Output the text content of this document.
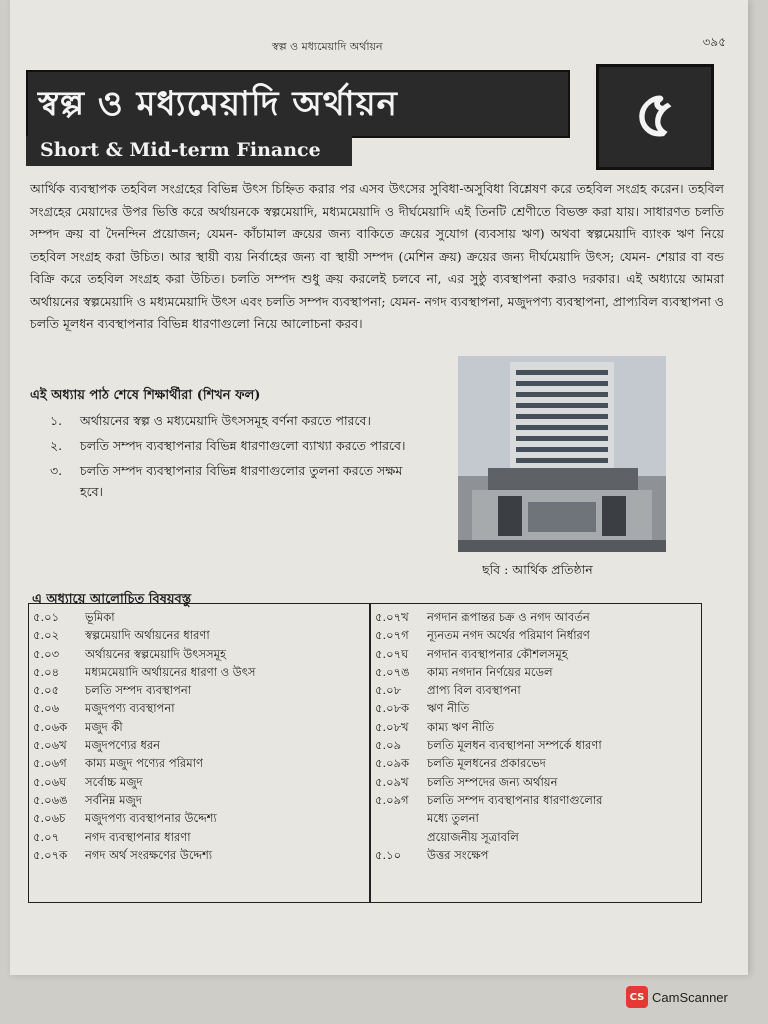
স্বল্প ও মধ্যমেয়াদি অর্থায়ন	৩৯৫
স্বল্প ও মধ্যমেয়াদি অর্থায়ন
Short & Mid-term Finance	৫
আর্থিক ব্যবস্থাপক তহবিল সংগ্রহের বিভিন্ন উৎস চিহ্নিত করার পর এসব উৎসের সুবিধা-অসুবিধা বিশ্লেষণ করে তহবিল সংগ্রহ করেন। তহবিল সংগ্রহের মেয়াদের উপর ভিত্তি করে অর্থায়নকে স্বল্পমেয়াদি, মধ্যমমেয়াদি ও দীর্ঘমেয়াদি এই তিনটি শ্রেণীতে বিভক্ত করা যায়। সাধারণত চলতি সম্পদ ক্রয় বা দৈনন্দিন প্রয়োজন; যেমন- কাঁচামাল ক্রয়ের জন্য বাকিতে ক্রয়ের সুযোগ (ব্যবসায় ঋণ) অথবা স্বল্পমেয়াদি ব্যাংক ঋণ নিয়ে তহবিল সংগ্রহ করা উচিত। আর স্থায়ী ব্যয় নির্বাহের জন্য বা স্থায়ী সম্পদ (মেশিন ক্রয়) ক্রয়ের জন্য দীর্ঘমেয়াদি উৎস; যেমন- শেয়ার বা বন্ড বিক্রি করে তহবিল সংগ্রহ করা উচিত। চলতি সম্পদ শুধু ক্রয় করলেই চলবে না, এর সুষ্ঠু ব্যবস্থাপনা করাও দরকার। এই অধ্যায়ে আমরা অর্থায়নের স্বল্পমেয়াদি ও মধ্যমমেয়াদি উৎস এবং চলতি সম্পদ ব্যবস্থাপনা; যেমন- নগদ ব্যবস্থাপনা, মজুদপণ্য ব্যবস্থাপনা, প্রাপ্যবিল ব্যবস্থাপনা ও চলতি মূলধন ব্যবস্থাপনার বিভিন্ন ধারণাগুলো নিয়ে আলোচনা করব।
এই অধ্যায় পাঠ শেষে শিক্ষার্থীরা (শিখন ফল)
১.	অর্থায়নের স্বল্প ও মধ্যমেয়াদি উৎসসমূহ বর্ণনা করতে পারবে।
২.	চলতি সম্পদ ব্যবস্থাপনার বিভিন্ন ধারণাগুলো ব্যাখ্যা করতে পারবে।
৩.	চলতি সম্পদ ব্যবস্থাপনার বিভিন্ন ধারণাগুলোর তুলনা করতে সক্ষম হবে।
ছবি : আর্থিক প্রতিষ্ঠান
এ অধ্যায়ে আলোচিত বিষয়বস্তু
৫.০১	ভূমিকা
৫.০২	স্বল্পমেয়াদি অর্থায়নের ধারণা
৫.০৩	অর্থায়নের স্বল্পমেয়াদি উৎসসমূহ
৫.০৪	মধ্যমমেয়াদি অর্থায়নের ধারণা ও উৎস
৫.০৫	চলতি সম্পদ ব্যবস্থাপনা
৫.০৬	মজুদপণ্য ব্যবস্থাপনা
৫.০৬ক	মজুদ কী
৫.০৬খ	মজুদপণ্যের ধরন
৫.০৬গ	কাম্য মজুদ পণ্যের পরিমাণ
৫.০৬ঘ	সর্বোচ্চ মজুদ
৫.০৬ঙ	সর্বনিম্ন মজুদ
৫.০৬চ	মজুদপণ্য ব্যবস্থাপনার উদ্দেশ্য
৫.০৭	নগদ ব্যবস্থাপনার ধারণা
৫.০৭ক	নগদ অর্থ সংরক্ষণের উদ্দেশ্য
৫.০৭খ	নগদান রূপান্তর চক্র ও নগদ আবর্তন
৫.০৭গ	ন্যূনতম নগদ অর্থের পরিমাণ নির্ধারণ
৫.০৭ঘ	নগদান ব্যবস্থাপনার কৌশলসমূহ
৫.০৭ঙ	কাম্য নগদান নির্ণয়ের মডেল
৫.০৮	প্রাপ্য বিল ব্যবস্থাপনা
৫.০৮ক	ঋণ নীতি
৫.০৮খ	কাম্য ঋণ নীতি
৫.০৯	চলতি মূলধন ব্যবস্থাপনা সম্পর্কে ধারণা
৫.০৯ক	চলতি মূলধনের প্রকারভেদ
৫.০৯খ	চলতি সম্পদের জন্য অর্থায়ন
৫.০৯গ	চলতি সম্পদ ব্যবস্থাপনার ধারণাগুলোর
মধ্যে তুলনা
প্রয়োজনীয় সূত্রাবলি
৫.১০	উত্তর সংক্ষেপ
CS CamScanner
